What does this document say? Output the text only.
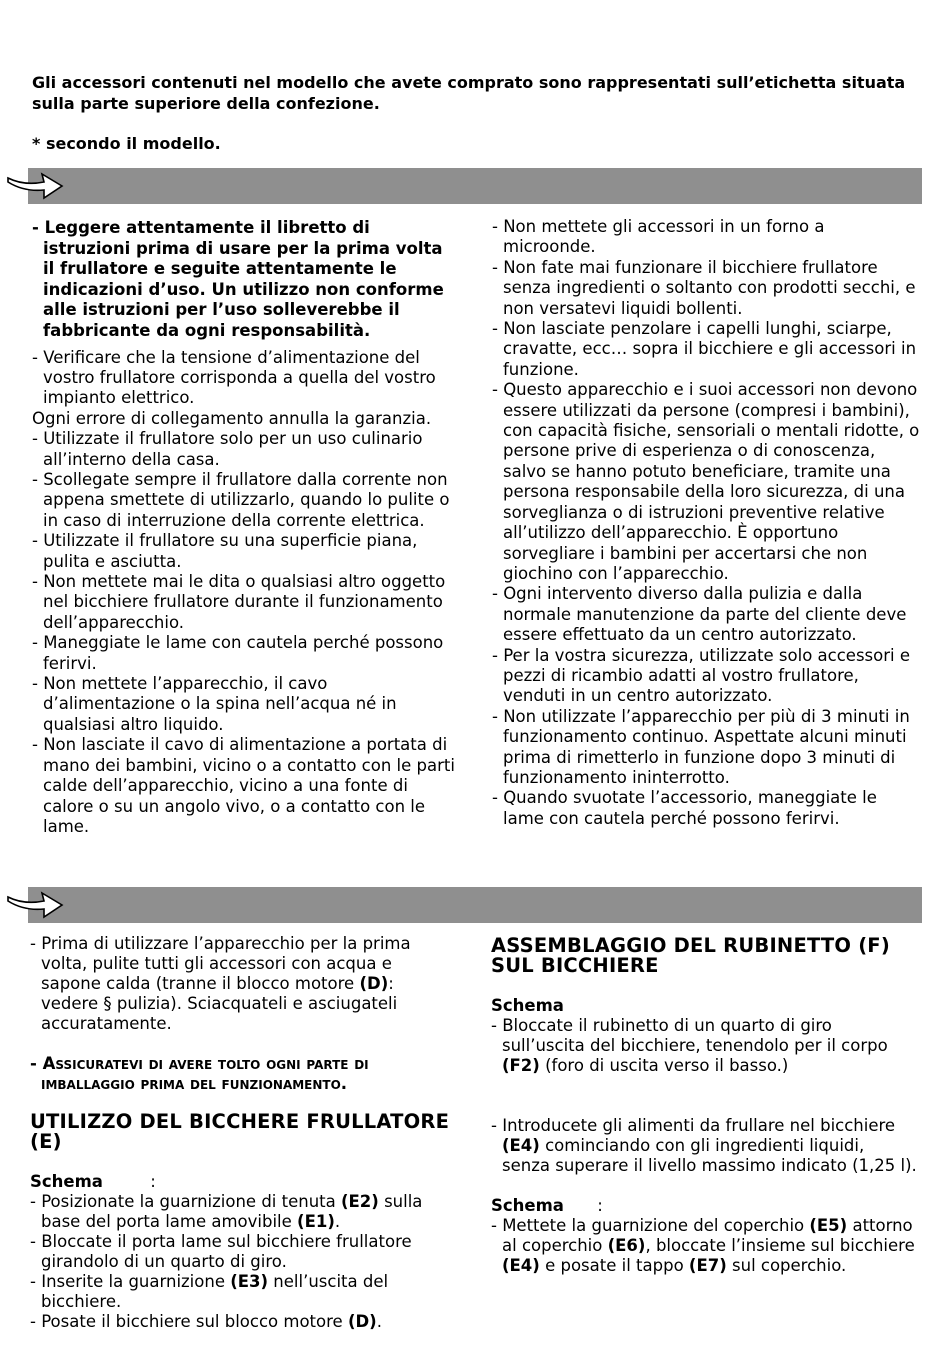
Gli accessori contenuti nel modello che avete comprato sono rappresentati sull’etichetta situata sulla parte superiore della confezione.
* secondo il modello.

- Leggere attentamente il libretto di istruzioni prima di usare per la prima volta il frullatore e seguite attentamente le indicazioni d’uso. Un utilizzo non conforme alle istruzioni per l’uso solleverebbe il fabbricante da ogni responsabilità.

- Verificare che la tensione d’alimentazione del vostro frullatore corrisponda a quella del vostro impianto elettrico.

Ogni errore di collegamento annulla la garanzia.

- Utilizzate il frullatore solo per un uso culinario all’interno della casa.

- Scollegate sempre il frullatore dalla corrente non appena smettete di utilizzarlo, quando lo pulite o in caso di interruzione della corrente elettrica.

- Utilizzate il frullatore su una superficie piana, pulita e asciutta.

- Non mettete mai le dita o qualsiasi altro oggetto nel bicchiere frullatore durante il funzionamento dell’apparecchio.

- Maneggiate le lame con cautela perché possono ferirvi.

- Non mettete l’apparecchio, il cavo d’alimentazione o la spina nell’acqua né in qualsiasi altro liquido.

- Non lasciate il cavo di alimentazione a portata di mano dei bambini, vicino o a contatto con le parti calde dell’apparecchio, vicino a una fonte di calore o su un angolo vivo, o a contatto con le lame.

- Non mettete gli accessori in un forno a microonde.

- Non fate mai funzionare il bicchiere frullatore senza ingredienti o soltanto con prodotti secchi, e non versatevi liquidi bollenti.

- Non lasciate penzolare i capelli lunghi, sciarpe, cravatte, ecc… sopra il bicchiere e gli accessori in funzione.

- Questo apparecchio e i suoi accessori non devono essere utilizzati da persone (compresi i bambini), con capacità fisiche, sensoriali o mentali ridotte, o persone prive di esperienza o di conoscenza, salvo se hanno potuto beneficiare, tramite una persona responsabile della loro sicurezza, di una sorveglianza o di istruzioni preventive relative all’utilizzo dell’apparecchio. È opportuno sorvegliare i bambini per accertarsi che non giochino con l’apparecchio.

- Ogni intervento diverso dalla pulizia e dalla normale manutenzione da parte del cliente deve essere effettuato da un centro autorizzato.

- Per la vostra sicurezza, utilizzate solo accessori e pezzi di ricambio adatti al vostro frullatore, venduti in un centro autorizzato.

- Non utilizzate l’apparecchio per più di 3 minuti in funzionamento continuo. Aspettate alcuni minuti prima di rimetterlo in funzione dopo 3 minuti di funzionamento ininterrotto.

- Quando svuotate l’accessorio, maneggiate le lame con cautela perché possono ferirvi.

- Prima di utilizzare l’apparecchio per la prima volta, pulite tutti gli accessori con acqua e sapone calda (tranne il blocco motore (D): vedere § pulizia). Sciacquateli e asciugateli accuratamente.

- Assicuratevi di avere tolto ogni parte di imballaggio prima del funzionamento.

UTILIZZO DEL BICCHERE FRULLATORE (E)

Schema	:

- Posizionate la guarnizione di tenuta (E2) sulla base del porta lame amovibile (E1).

- Bloccate il porta lame sul bicchiere frullatore girandolo di un quarto di giro.

- Inserite la guarnizione (E3) nell’uscita del bicchiere.

- Posate il bicchiere sul blocco motore (D).

ASSEMBLAGGIO DEL RUBINETTO (F)

SUL BICCHIERE

Schema

- Bloccate il rubinetto di un quarto di giro sull’uscita del bicchiere, tenendolo per il corpo (F2) (foro di uscita verso il basso.)

- Introducete gli alimenti da frullare nel bicchiere (E4) cominciando con gli ingredienti liquidi, senza superare il livello massimo indicato (1,25 l).

Schema :

- Mettete la guarnizione del coperchio (E5) attorno al coperchio (E6), bloccate l’insieme sul bicchiere (E4) e posate il tappo (E7) sul coperchio.
